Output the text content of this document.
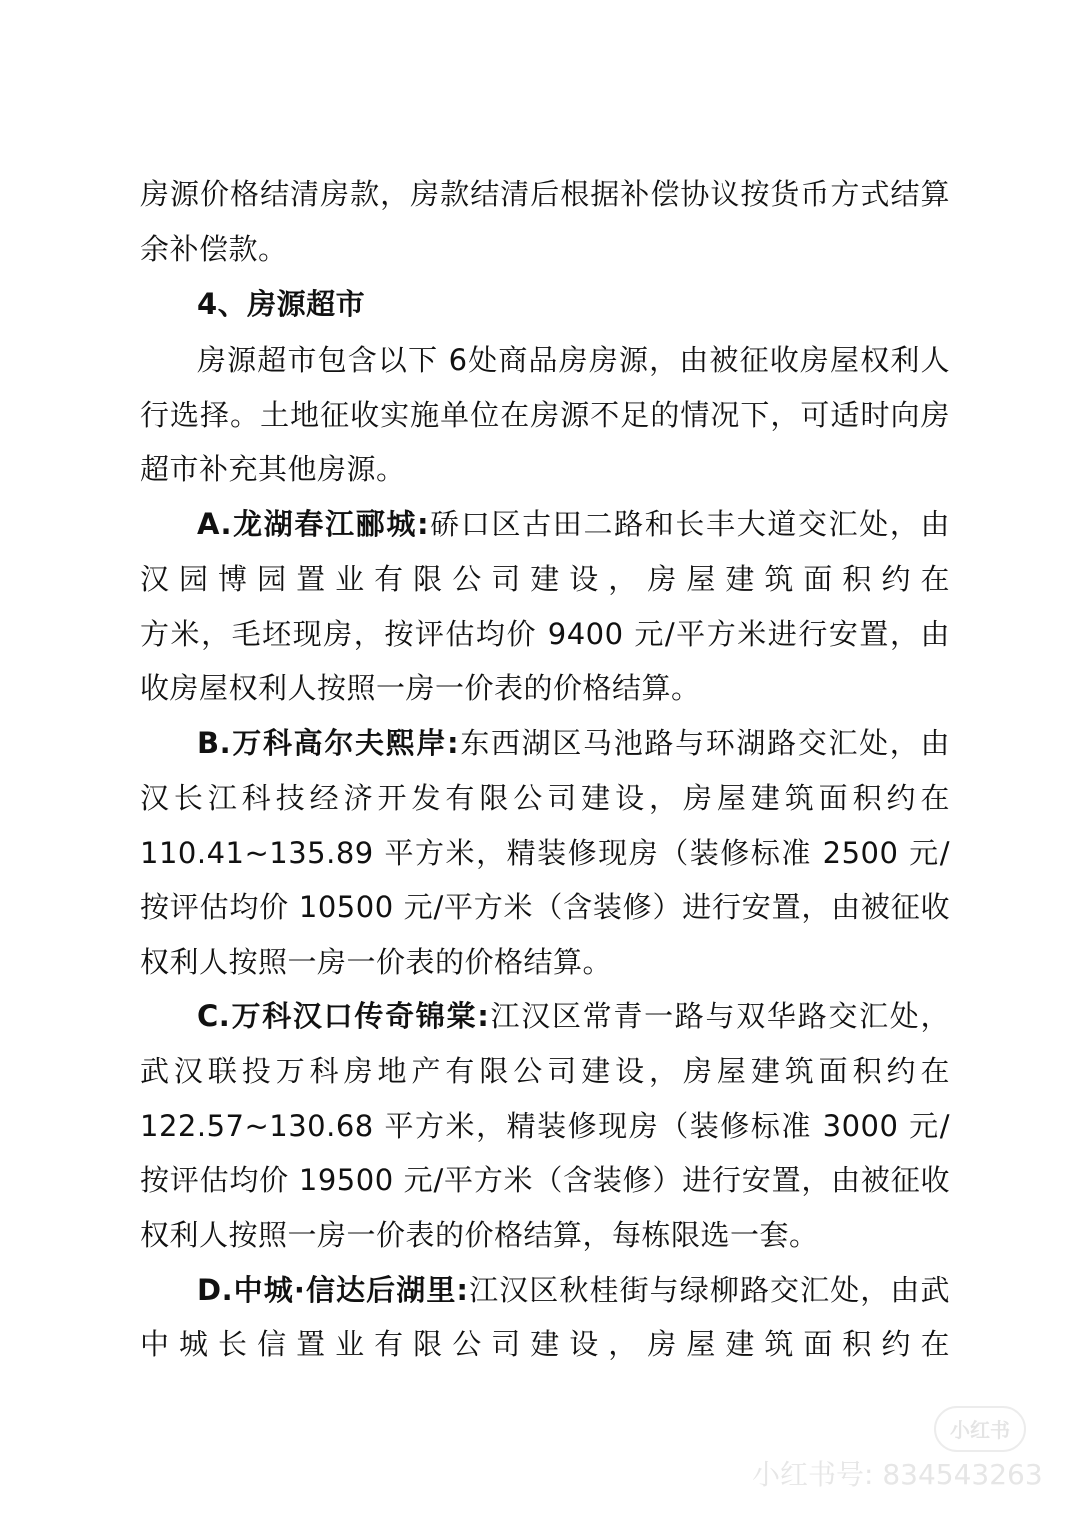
房源价格结清房款，房款结清后根据补偿协议按货币方式结算
余补偿款。
4、房源超市
房源超市包含以下 6处商品房房源，由被征收房屋权利人
行选择。土地征收实施单位在房源不足的情况下，可适时向房
超市补充其他房源。
A.龙湖春江郦城:硚口区古田二路和长丰大道交汇处，由
汉园博园置业有限公司建设，房屋建筑面积约在
方米，毛坯现房，按评估均价 9400 元/平方米进行安置，由
收房屋权利人按照一房一价表的价格结算。
B.万科高尔夫熙岸:东西湖区马池路与环湖路交汇处，由
汉长江科技经济开发有限公司建设，房屋建筑面积约在
110.41~135.89 平方米，精装修现房（装修标准 2500 元/
按评估均价 10500 元/平方米（含装修）进行安置，由被征收
权利人按照一房一价表的价格结算。
C.万科汉口传奇锦棠:江汉区常青一路与双华路交汇处，
武汉联投万科房地产有限公司建设，房屋建筑面积约在
122.57~130.68 平方米，精装修现房（装修标准 3000 元/
按评估均价 19500 元/平方米（含装修）进行安置，由被征收
权利人按照一房一价表的价格结算，每栋限选一套。
D.中城·信达后湖里:江汉区秋桂街与绿柳路交汇处，由武
中城长信置业有限公司建设，房屋建筑面积约在
小红书
小红书号: 834543263
